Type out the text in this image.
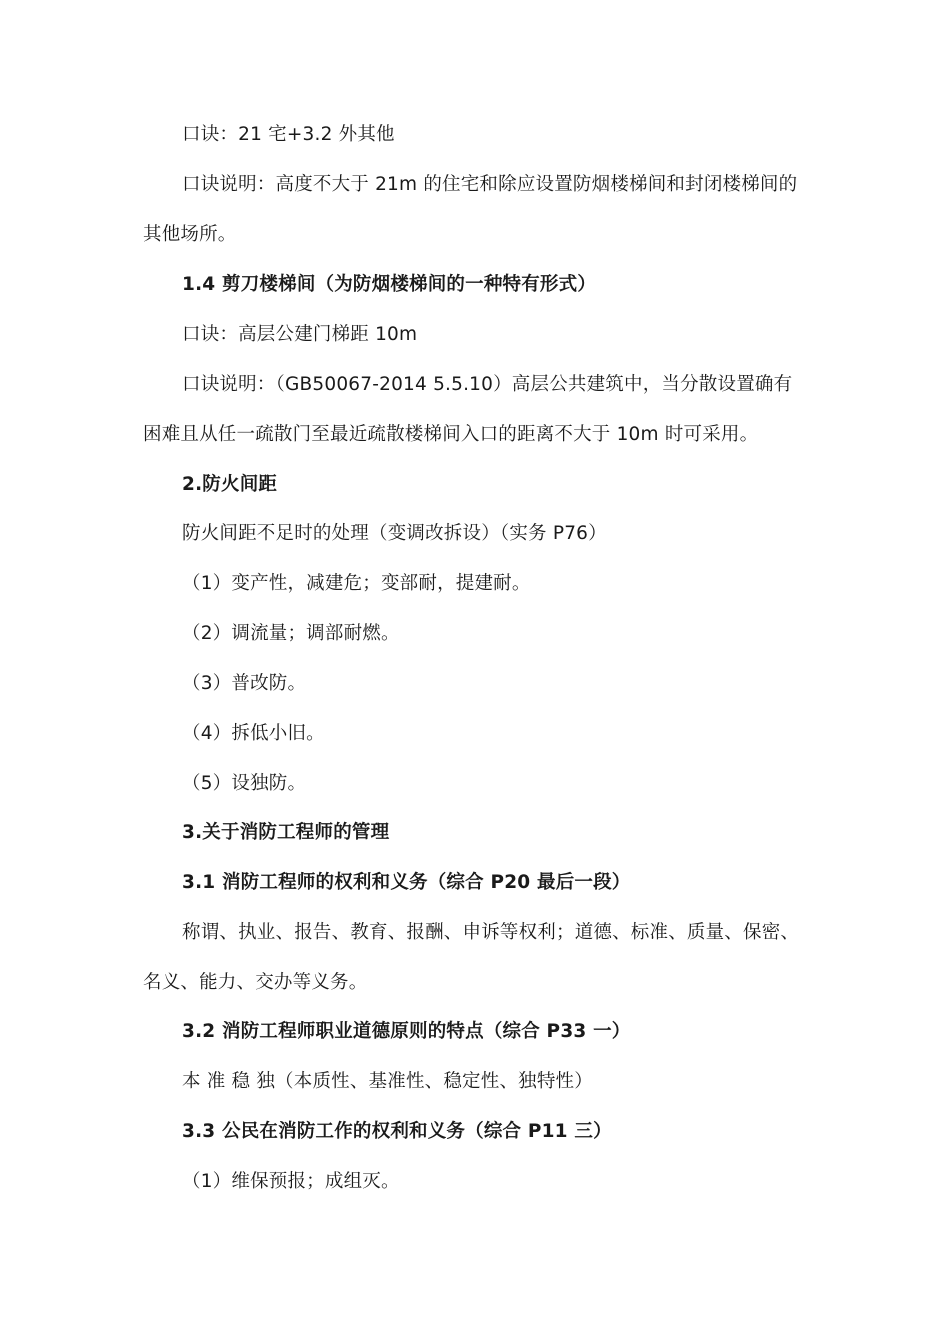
口诀：21 宅+3.2 外其他
口诀说明：高度不大于 21m 的住宅和除应设置防烟楼梯间和封闭楼梯间的
其他场所。
1.4 剪刀楼梯间（为防烟楼梯间的一种特有形式）
口诀：高层公建门梯距 10m
口诀说明：（GB50067-2014 5.5.10）高层公共建筑中，当分散设置确有
困难且从任一疏散门至最近疏散楼梯间入口的距离不大于 10m 时可采用。
2.防火间距
防火间距不足时的处理（变调改拆设）（实务 P76）
（1）变产性，减建危；变部耐，提建耐。
（2）调流量；调部耐燃。
（3）普改防。
（4）拆低小旧。
（5）设独防。
3.关于消防工程师的管理
3.1 消防工程师的权利和义务（综合 P20 最后一段）
称谓、执业、报告、教育、报酬、申诉等权利；道德、标准、质量、保密、
名义、能力、交办等义务。
3.2 消防工程师职业道德原则的特点（综合 P33 一）
本 准 稳 独（本质性、基准性、稳定性、独特性）
3.3 公民在消防工作的权利和义务（综合 P11 三）
（1）维保预报；成组灭。
